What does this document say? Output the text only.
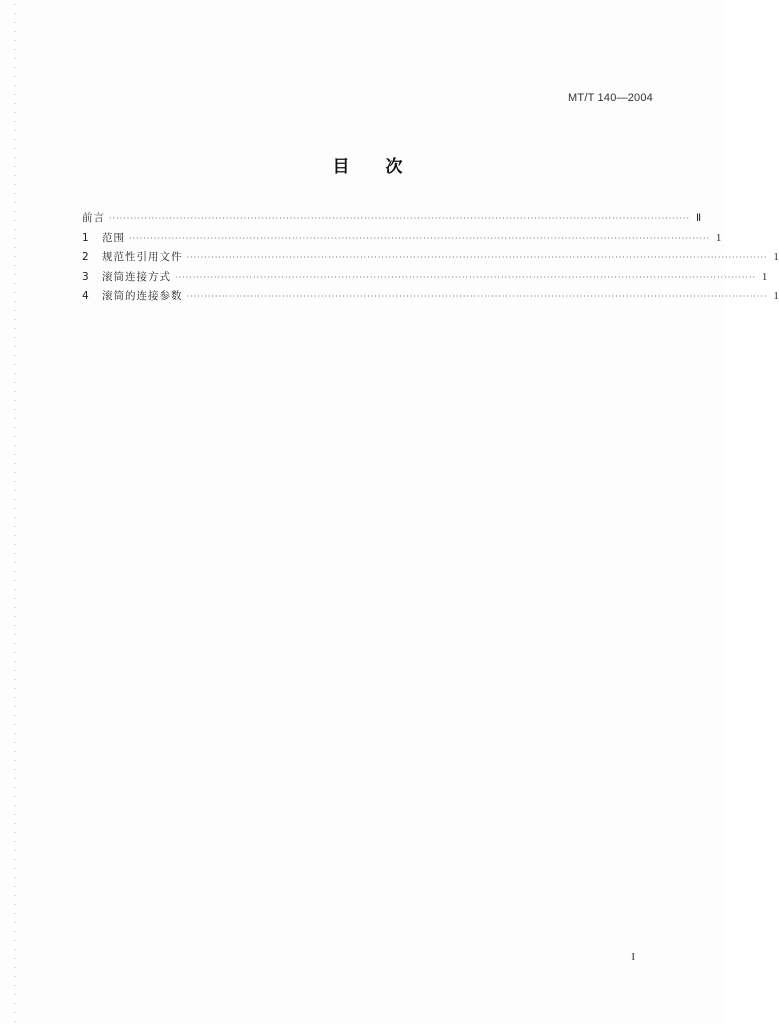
MT/T 140—2004
目 次
前言 ···································································································································································· Ⅱ
1	范围 ···································································································································································· 1
2	规范性引用文件 ···································································································································································· 1
3	滚筒连接方式 ···································································································································································· 1
4	滚筒的连接参数 ···································································································································································· 1
I
